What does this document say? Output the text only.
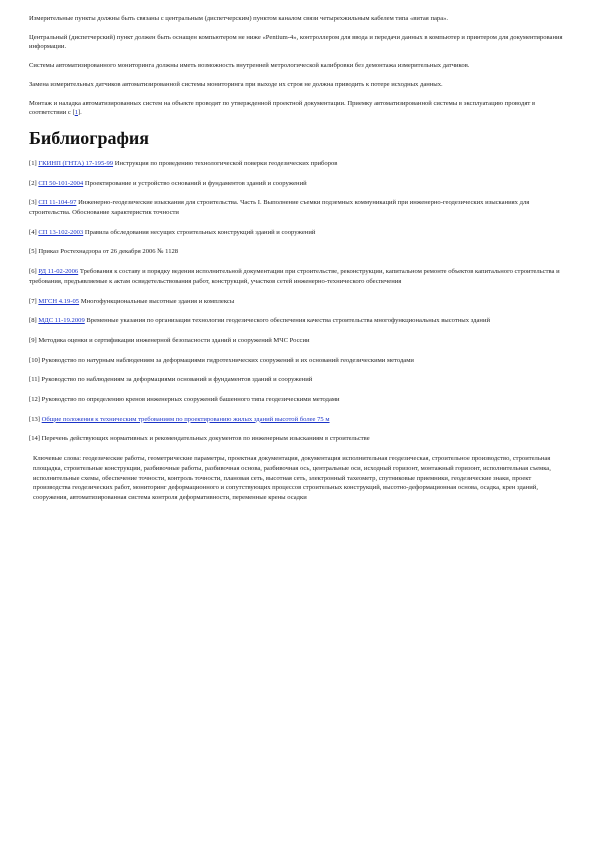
Измерительные пункты должны быть связаны с центральным (диспетчерским) пунктом каналом связи четырехжильным кабелем типа «витая пара».

Центральный (диспетчерский) пункт должен быть оснащен компьютером не ниже «Pentium-4», контроллером для ввода и передачи данных в компьютер и принтером для документирования информации.

Системы автоматизированного мониторинга должны иметь возможность внутренней метрологической калибровки без демонтажа измерительных датчиков.

Замена измерительных датчиков автоматизированной системы мониторинга при выходе их строя не должна приводить к потере исходных данных.

Монтаж и наладка автоматизированных систем на объекте проводят по утвержденной проектной документации. Приемку автоматизированной системы в эксплуатацию проводят в соответствии с [1].

Библиография

[1] ГКИНП (ГНТА) 17-195-99 Инструкция по проведению технологической поверки геодезических приборов

[2] СП 50-101-2004 Проектирование и устройство оснований и фундаментов зданий и сооружений

[3] СП 11-104-97 Инженерно-геодезические изыскания для строительства. Часть I. Выполнение съемки подземных коммуникаций при инженерно-геодезических изысканиях для строительства. Обоснование характеристик точности

[4] СП 13-102-2003 Правила обследования несущих строительных конструкций зданий и сооружений

[5] Приказ Ростехнадзора от 26 декабря 2006 № 1128

[6] РД 11-02-2006 Требования к составу и порядку ведения исполнительной документации при строительстве, реконструкции, капитальном ремонте объектов капитального строительства и требования, предъявляемые к актам освидетельствования работ, конструкций, участков сетей инженерно-технического обеспечения

[7] МГСН 4.19-05 Многофункциональные высотные здания и комплексы

[8] МДС 11-19.2009 Временные указания по организации технологии геодезического обеспечения качества строительства многофункциональных высотных зданий

[9] Методика оценки и сертификации инженерной безопасности зданий и сооружений МЧС России

[10] Руководство по натурным наблюдениям за деформациями гидротехнических сооружений и их оснований геодезическими методами

[11] Руководство по наблюдениям за деформациями оснований и фундаментов зданий и сооружений

[12] Руководство по определению кренов инженерных сооружений башенного типа геодезическими методами

[13] Общие положения к техническим требованиям по проектированию жилых зданий высотой более 75 м

[14] Перечень действующих нормативных и рекомендательных документов по инженерным изысканиям в строительстве

Ключевые слова: геодезические работы, геометрические параметры, проектная документация, документация исполнительная геодезическая, строительное производство, строительная площадка, строительные конструкции, разбивочные работы, разбивочная основа, разбивочная ось, центральные оси, исходный горизонт, монтажный горизонт, исполнительная съемка, исполнительные схемы, обеспечение точности, контроль точности, плановая сеть, высотная сеть, электронный тахеометр, спутниковые приемники, геодезические знаки, проект производства геодезических работ, мониторинг деформационного и сопутствующих процессов строительных конструкций, высотно-деформационная основа, осадка, крен зданий, сооружения, автоматизированная система контроля деформативности, переменные крены осадки
